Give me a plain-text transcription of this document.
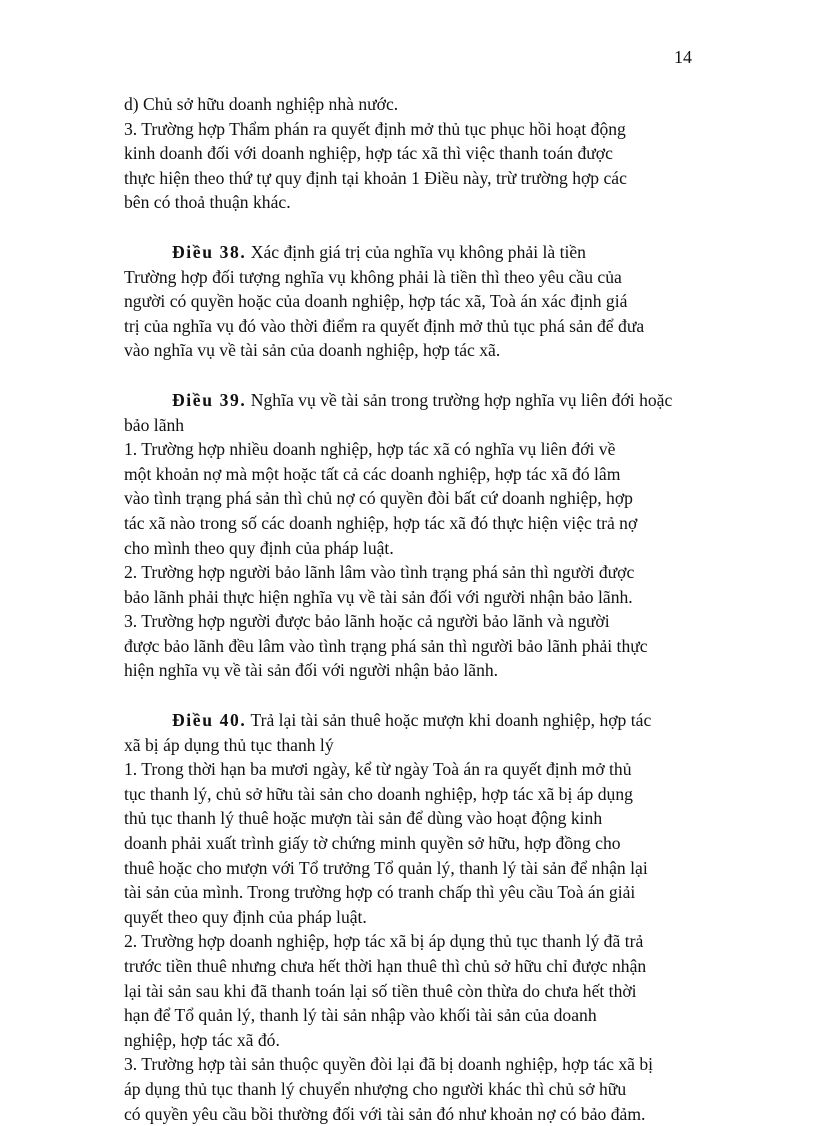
14
d) Chủ sở hữu doanh nghiệp nhà nước.
3. Trường hợp Thẩm phán ra quyết định mở thủ tục phục hồi hoạt động
kinh doanh đối với doanh nghiệp, hợp tác xã thì việc thanh toán được
thực hiện theo thứ tự quy định tại khoản 1 Điều này, trừ trường hợp các
bên có thoả thuận khác.
Điều 38. Xác định giá trị của nghĩa vụ không phải là tiền
Trường hợp đối tượng nghĩa vụ không phải là tiền thì theo yêu cầu của
người có quyền hoặc của doanh nghiệp, hợp tác xã, Toà án xác định giá
trị của nghĩa vụ đó vào thời điểm ra quyết định mở thủ tục phá sản để đưa
vào nghĩa vụ về tài sản của doanh nghiệp, hợp tác xã.
Điều 39. Nghĩa vụ về tài sản trong trường hợp nghĩa vụ liên đới hoặc
bảo lãnh
1. Trường hợp nhiều doanh nghiệp, hợp tác xã có nghĩa vụ liên đới về
một khoản nợ mà một hoặc tất cả các doanh nghiệp, hợp tác xã đó lâm
vào tình trạng phá sản thì chủ nợ có quyền đòi bất cứ doanh nghiệp, hợp
tác xã nào trong số các doanh nghiệp, hợp tác xã đó thực hiện việc trả nợ
cho mình theo quy định của pháp luật.
2. Trường hợp người bảo lãnh lâm vào tình trạng phá sản thì người được
bảo lãnh phải thực hiện nghĩa vụ về tài sản đối với người nhận bảo lãnh.
3. Trường hợp người được bảo lãnh hoặc cả người bảo lãnh và người
được bảo lãnh đều lâm vào tình trạng phá sản thì người bảo lãnh phải thực
hiện nghĩa vụ về tài sản đối với người nhận bảo lãnh.
Điều 40. Trả lại tài sản thuê hoặc mượn khi doanh nghiệp, hợp tác
xã bị áp dụng thủ tục thanh lý
1. Trong thời hạn ba mươi ngày, kể từ ngày Toà án ra quyết định mở thủ
tục thanh lý, chủ sở hữu tài sản cho doanh nghiệp, hợp tác xã bị áp dụng
thủ tục thanh lý thuê hoặc mượn tài sản để dùng vào hoạt động kinh
doanh phải xuất trình giấy tờ chứng minh quyền sở hữu, hợp đồng cho
thuê hoặc cho mượn với Tổ trưởng Tổ quản lý, thanh lý tài sản để nhận lại
tài sản của mình. Trong trường hợp có tranh chấp thì yêu cầu Toà án giải
quyết theo quy định của pháp luật.
2. Trường hợp doanh nghiệp, hợp tác xã bị áp dụng thủ tục thanh lý đã trả
trước tiền thuê nhưng chưa hết thời hạn thuê thì chủ sở hữu chỉ được nhận
lại tài sản sau khi đã thanh toán lại số tiền thuê còn thừa do chưa hết thời
hạn để Tổ quản lý, thanh lý tài sản nhập vào khối tài sản của doanh
nghiệp, hợp tác xã đó.
3. Trường hợp tài sản thuộc quyền đòi lại đã bị doanh nghiệp, hợp tác xã bị
áp dụng thủ tục thanh lý chuyển nhượng cho người khác thì chủ sở hữu
có quyền yêu cầu bồi thường đối với tài sản đó như khoản nợ có bảo đảm.
